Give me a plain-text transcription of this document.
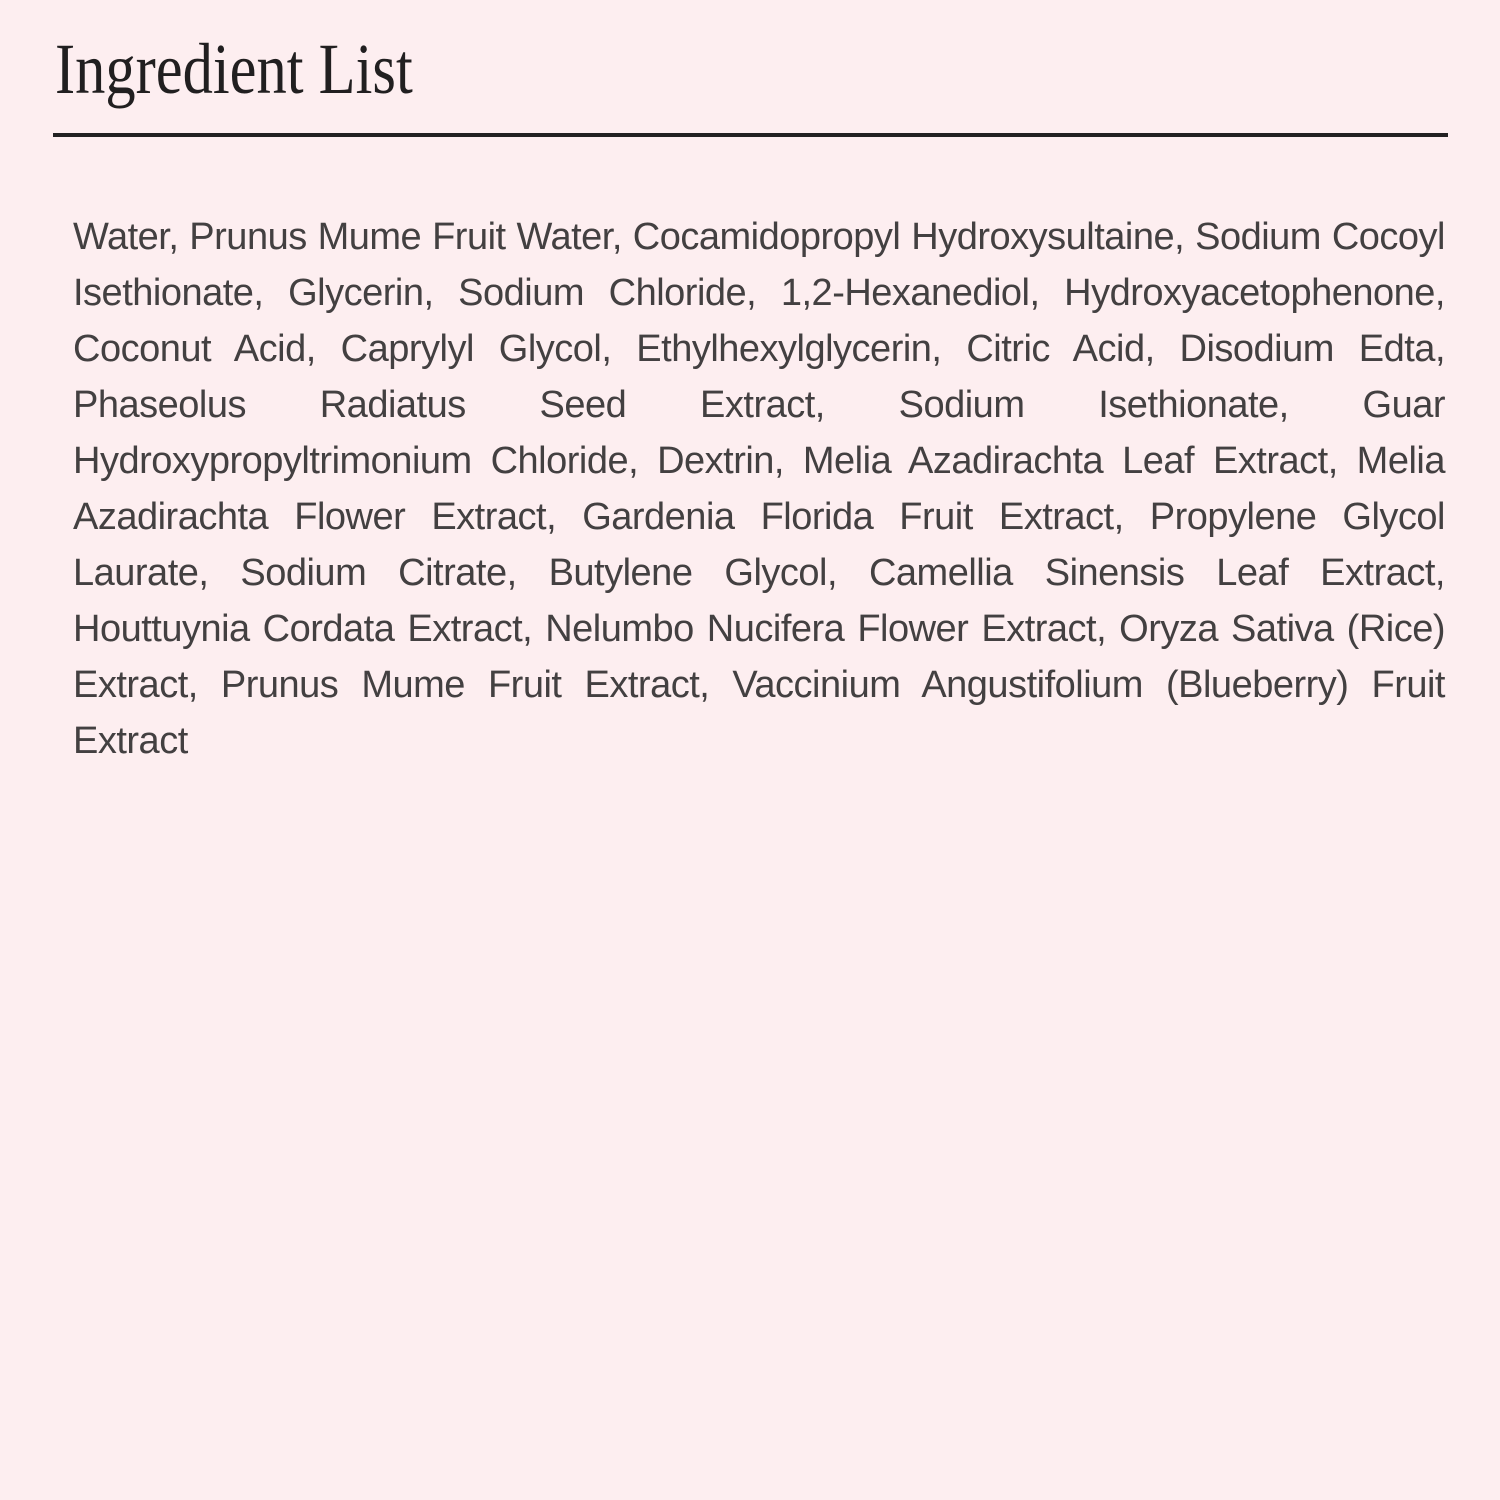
Ingredient List

Water, Prunus Mume Fruit Water, Cocamidopropyl Hydroxysultaine, Sodium Cocoyl Isethionate, Glycerin, Sodium Chloride, 1,2-Hexanediol, Hydroxyacetophenone, Coconut Acid, Caprylyl Glycol, Ethylhexylglycerin, Citric Acid, Disodium Edta, Phaseolus Radiatus Seed Extract, Sodium Isethionate, Guar Hydroxypropyltrimonium Chloride, Dextrin, Melia Azadirachta Leaf Extract, Melia Azadirachta Flower Extract, Gardenia Florida Fruit Extract, Propylene Glycol Laurate, Sodium Citrate, Butylene Glycol, Camellia Sinensis Leaf Extract, Houttuynia Cordata Extract, Nelumbo Nucifera Flower Extract, Oryza Sativa (Rice) Extract, Prunus Mume Fruit Extract, Vaccinium Angustifolium (Blueberry) Fruit Extract
